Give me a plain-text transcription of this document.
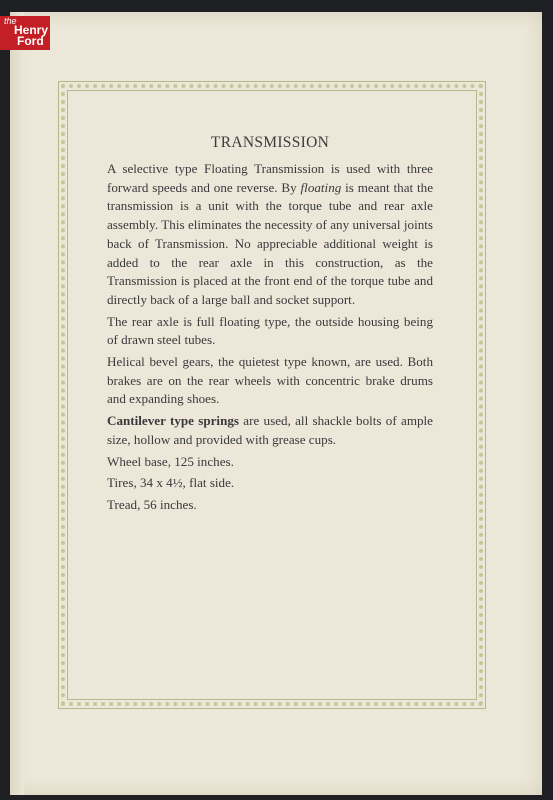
the
Henry
Ford
TRANSMISSION

A selective type Floating Transmission is used with three forward speeds and one reverse. By floating is meant that the transmission is a unit with the torque tube and rear axle assembly. This eliminates the necessity of any universal joints back of Transmission. No appreciable additional weight is added to the rear axle in this construction, as the Transmission is placed at the front end of the torque tube and directly back of a large ball and socket support.

The rear axle is full floating type, the outside housing being of drawn steel tubes.

Helical bevel gears, the quietest type known, are used. Both brakes are on the rear wheels with concentric brake drums and expanding shoes.

Cantilever type springs are used, all shackle bolts of ample size, hollow and provided with grease cups.

Wheel base, 125 inches.

Tires, 34 x 4½, flat side.

Tread, 56 inches.
